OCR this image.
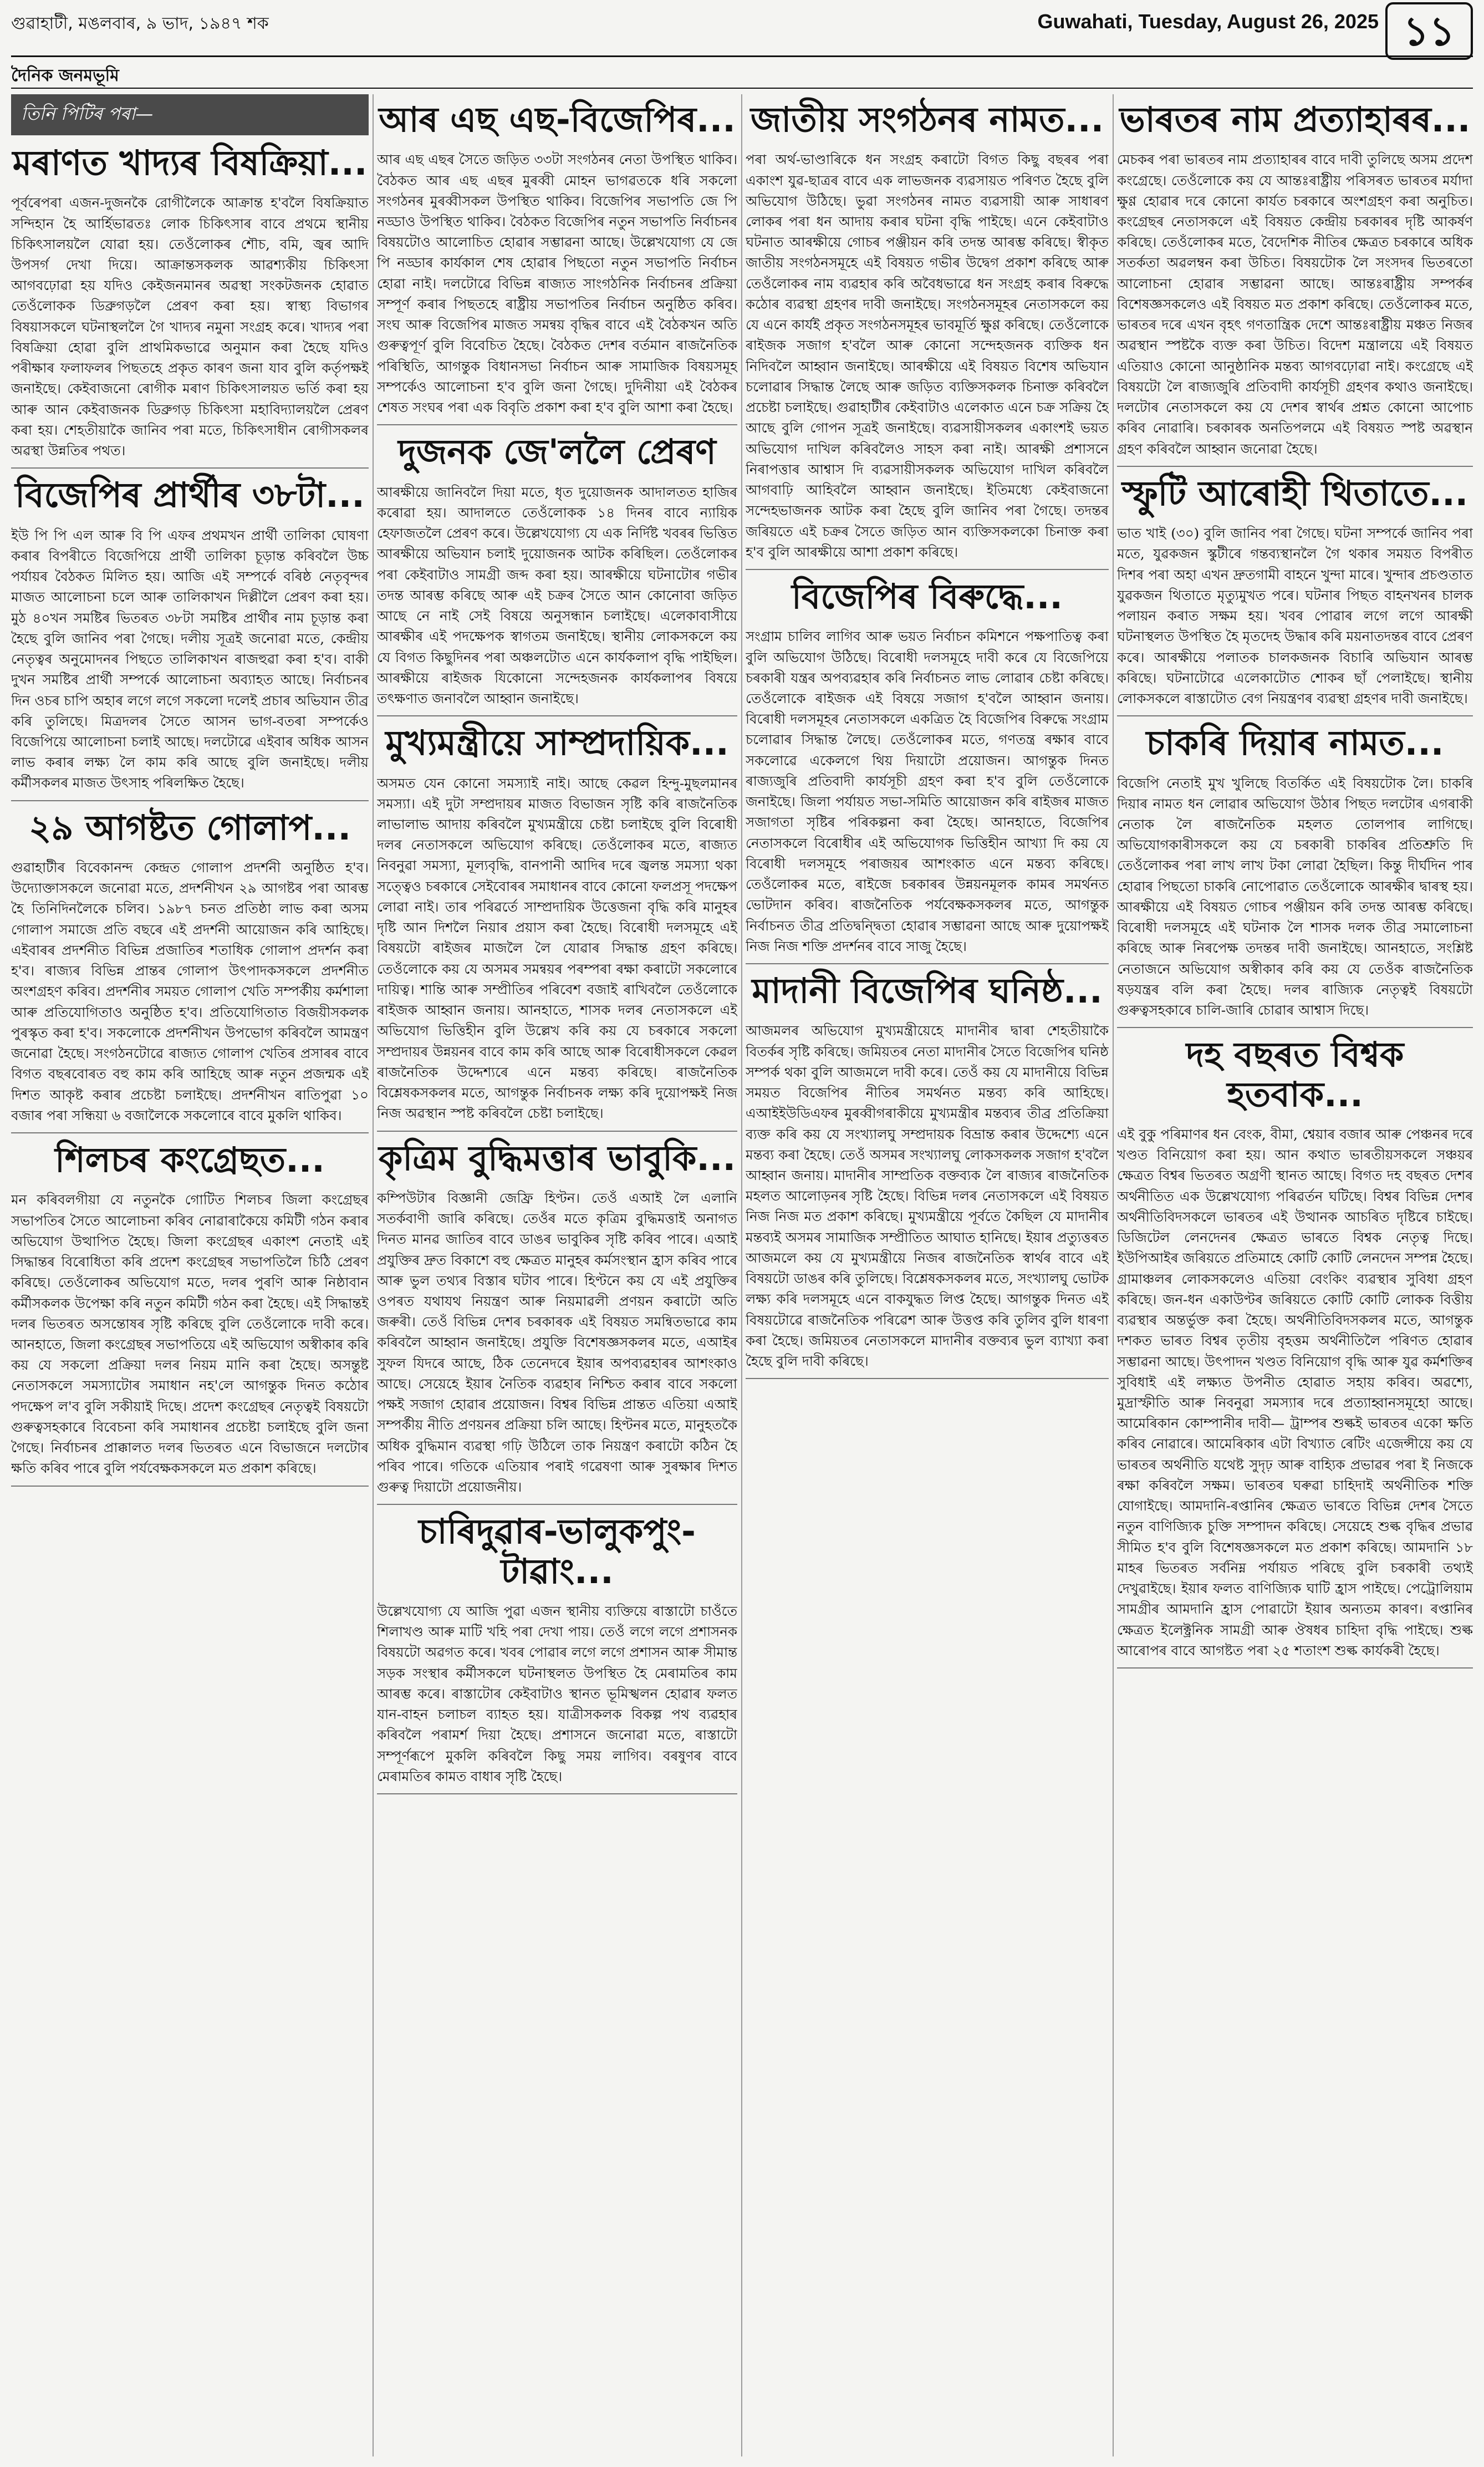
গুৱাহাটী, মঙলবাৰ, ৯ ভাদ, ১৯৪৭ শক	Guwahati, Tuesday, August 26, 2025 ১১
দৈনিক জনমভূমি
তিনি পিটিৰ পৰা—
মৰাণত খাদ্যৰ বিষক্ৰিয়া...

পূৰ্বৰেপৰা এজন-দুজনকৈ রোগীলৈকে আক্ৰান্ত হ'বলৈ বিষক্ৰিয়াত সন্দিহান হৈ আৰ্হিভাৱতঃ লোক চিকিৎসাৰ বাবে প্ৰথমে স্থানীয় চিকিৎসালয়লৈ যোৱা হয়। তেওঁলোকৰ শৌচ, বমি, জ্বৰ আদি উপসৰ্গ দেখা দিয়ে। আক্ৰান্তসকলক আৱশ্যকীয় চিকিৎসা আগবঢ়োৱা হয় যদিও কেইজনমানৰ অৱস্থা সংকটজনক হোৱাত তেওঁলোকক ডিব্ৰুগড়লৈ প্ৰেৰণ কৰা হয়। স্বাস্থ্য বিভাগৰ বিষয়াসকলে ঘটনাস্থললৈ গৈ খাদ্যৰ নমুনা সংগ্ৰহ কৰে। খাদ্যৰ পৰা বিষক্ৰিয়া হোৱা বুলি প্ৰাথমিকভাৱে অনুমান কৰা হৈছে যদিও পৰীক্ষাৰ ফলাফলৰ পিছতহে প্ৰকৃত কাৰণ জনা যাব বুলি কৰ্তৃপক্ষই জনাইছে। কেইবাজনো ৰোগীক মৰাণ চিকিৎসালয়ত ভৰ্তি কৰা হয় আৰু আন কেইবাজনক ডিব্ৰুগড় চিকিৎসা মহাবিদ্যালয়লৈ প্ৰেৰণ কৰা হয়। শেহতীয়াকৈ জানিব পৰা মতে, চিকিৎসাধীন ৰোগীসকলৰ অৱস্থা উন্নতিৰ পথত।

বিজেপিৰ প্ৰাৰ্থীৰ ৩৮টা...

ইউ পি পি এল আৰু বি পি এফৰ প্ৰথমখন প্ৰাৰ্থী তালিকা ঘোষণা কৰাৰ বিপৰীতে বিজেপিয়ে প্ৰাৰ্থী তালিকা চূড়ান্ত কৰিবলৈ উচ্চ পৰ্যায়ৰ বৈঠকত মিলিত হয়। আজি এই সম্পৰ্কে বৰিষ্ঠ নেতৃবৃন্দৰ মাজত আলোচনা চলে আৰু তালিকাখন দিল্লীলৈ প্ৰেৰণ কৰা হয়। মুঠ ৪০খন সমষ্টিৰ ভিতৰত ৩৮টা সমষ্টিৰ প্ৰাৰ্থীৰ নাম চূড়ান্ত কৰা হৈছে বুলি জানিব পৰা গৈছে। দলীয় সূত্ৰই জনোৱা মতে, কেন্দ্ৰীয় নেতৃত্বৰ অনুমোদনৰ পিছতে তালিকাখন ৰাজহুৱা কৰা হ'ব। বাকী দুখন সমষ্টিৰ প্ৰাৰ্থী সম্পৰ্কে আলোচনা অব্যাহত আছে। নিৰ্বাচনৰ দিন ওচৰ চাপি অহাৰ লগে লগে সকলো দলেই প্ৰচাৰ অভিযান তীব্ৰ কৰি তুলিছে। মিত্ৰদলৰ সৈতে আসন ভাগ-বতৰা সম্পৰ্কেও বিজেপিয়ে আলোচনা চলাই আছে। দলটোৱে এইবাৰ অধিক আসন লাভ কৰাৰ লক্ষ্য লৈ কাম কৰি আছে বুলি জনাইছে। দলীয় কৰ্মীসকলৰ মাজত উৎসাহ পৰিলক্ষিত হৈছে।

২৯ আগষ্টত গোলাপ...

গুৱাহাটীৰ বিবেকানন্দ কেন্দ্ৰত গোলাপ প্ৰদৰ্শনী অনুষ্ঠিত হ'ব। উদ্যোক্তাসকলে জনোৱা মতে, প্ৰদৰ্শনীখন ২৯ আগষ্টৰ পৰা আৰম্ভ হৈ তিনিদিনলৈকে চলিব। ১৯৮৭ চনত প্ৰতিষ্ঠা লাভ কৰা অসম গোলাপ সমাজে প্ৰতি বছৰে এই প্ৰদৰ্শনী আয়োজন কৰি আহিছে। এইবাৰৰ প্ৰদৰ্শনীত বিভিন্ন প্ৰজাতিৰ শতাধিক গোলাপ প্ৰদৰ্শন কৰা হ'ব। ৰাজ্যৰ বিভিন্ন প্ৰান্তৰ গোলাপ উৎপাদকসকলে প্ৰদৰ্শনীত অংশগ্ৰহণ কৰিব। প্ৰদৰ্শনীৰ সময়ত গোলাপ খেতি সম্পৰ্কীয় কৰ্মশালা আৰু প্ৰতিযোগিতাও অনুষ্ঠিত হ'ব। প্ৰতিযোগিতাত বিজয়ীসকলক পুৰস্কৃত কৰা হ'ব। সকলোকে প্ৰদৰ্শনীখন উপভোগ কৰিবলৈ আমন্ত্ৰণ জনোৱা হৈছে। সংগঠনটোৱে ৰাজ্যত গোলাপ খেতিৰ প্ৰসাৰৰ বাবে বিগত বছৰবোৰত বহু কাম কৰি আহিছে আৰু নতুন প্ৰজন্মক এই দিশত আকৃষ্ট কৰাৰ প্ৰচেষ্টা চলাইছে। প্ৰদৰ্শনীখন ৰাতিপুৱা ১০ বজাৰ পৰা সন্ধিয়া ৬ বজালৈকে সকলোৰে বাবে মুকলি থাকিব।

শিলচৰ কংগ্ৰেছত...

মন কৰিবলগীয়া যে নতুনকৈ গোটিত শিলচৰ জিলা কংগ্ৰেছৰ সভাপতিৰ সৈতে আলোচনা কৰিব নোৱাৰাকৈয়ে কমিটী গঠন কৰাৰ অভিযোগ উত্থাপিত হৈছে। জিলা কংগ্ৰেছৰ একাংশ নেতাই এই সিদ্ধান্তৰ বিৰোধিতা কৰি প্ৰদেশ কংগ্ৰেছৰ সভাপতিলৈ চিঠি প্ৰেৰণ কৰিছে। তেওঁলোকৰ অভিযোগ মতে, দলৰ পুৰণি আৰু নিষ্ঠাবান কৰ্মীসকলক উপেক্ষা কৰি নতুন কমিটী গঠন কৰা হৈছে। এই সিদ্ধান্তই দলৰ ভিতৰত অসন্তোষৰ সৃষ্টি কৰিছে বুলি তেওঁলোকে দাবী কৰে। আনহাতে, জিলা কংগ্ৰেছৰ সভাপতিয়ে এই অভিযোগ অস্বীকাৰ কৰি কয় যে সকলো প্ৰক্ৰিয়া দলৰ নিয়ম মানি কৰা হৈছে। অসন্তুষ্ট নেতাসকলে সমস্যাটোৰ সমাধান নহ'লে আগন্তুক দিনত কঠোৰ পদক্ষেপ ল'ব বুলি সকীয়াই দিছে। প্ৰদেশ কংগ্ৰেছৰ নেতৃত্বই বিষয়টো গুৰুত্বসহকাৰে বিবেচনা কৰি সমাধানৰ প্ৰচেষ্টা চলাইছে বুলি জনা গৈছে। নিৰ্বাচনৰ প্ৰাক্কালত দলৰ ভিতৰত এনে বিভাজনে দলটোৰ ক্ষতি কৰিব পাৰে বুলি পৰ্যবেক্ষকসকলে মত প্ৰকাশ কৰিছে।

আৰ এছ এছ-বিজেপিৰ...

আৰ এছ এছৰ সৈতে জড়িত ৩৩টা সংগঠনৰ নেতা উপস্থিত থাকিব। বৈঠকত আৰ এছ এছৰ মুৰব্বী মোহন ভাগৱতকে ধৰি সকলো সংগঠনৰ মুৰব্বীসকল উপস্থিত থাকিব। বিজেপিৰ সভাপতি জে পি নড্ডাও উপস্থিত থাকিব। বৈঠকত বিজেপিৰ নতুন সভাপতি নিৰ্বাচনৰ বিষয়টোও আলোচিত হোৱাৰ সম্ভাৱনা আছে। উল্লেখযোগ্য যে জে পি নড্ডাৰ কাৰ্যকাল শেষ হোৱাৰ পিছতো নতুন সভাপতি নিৰ্বাচন হোৱা নাই। দলটোৱে বিভিন্ন ৰাজ্যত সাংগঠনিক নিৰ্বাচনৰ প্ৰক্ৰিয়া সম্পূৰ্ণ কৰাৰ পিছতহে ৰাষ্ট্ৰীয় সভাপতিৰ নিৰ্বাচন অনুষ্ঠিত কৰিব। সংঘ আৰু বিজেপিৰ মাজত সমন্বয় বৃদ্ধিৰ বাবে এই বৈঠকখন অতি গুৰুত্বপূৰ্ণ বুলি বিবেচিত হৈছে। বৈঠকত দেশৰ বৰ্তমান ৰাজনৈতিক পৰিস্থিতি, আগন্তুক বিধানসভা নিৰ্বাচন আৰু সামাজিক বিষয়সমূহ সম্পৰ্কেও আলোচনা হ'ব বুলি জনা গৈছে। দুদিনীয়া এই বৈঠকৰ শেষত সংঘৰ পৰা এক বিবৃতি প্ৰকাশ কৰা হ'ব বুলি আশা কৰা হৈছে।

দুজনক জে'ললৈ প্ৰেৰণ

আৰক্ষীয়ে জানিবলৈ দিয়া মতে, ধৃত দুয়োজনক আদালতত হাজিৰ কৰোৱা হয়। আদালতে তেওঁলোকক ১৪ দিনৰ বাবে ন্যায়িক হেফাজতলৈ প্ৰেৰণ কৰে। উল্লেখযোগ্য যে এক নিৰ্দিষ্ট খবৰৰ ভিত্তিত আৰক্ষীয়ে অভিযান চলাই দুয়োজনক আটক কৰিছিল। তেওঁলোকৰ পৰা কেইবাটাও সামগ্ৰী জব্দ কৰা হয়। আৰক্ষীয়ে ঘটনাটোৰ গভীৰ তদন্ত আৰম্ভ কৰিছে আৰু এই চক্ৰৰ সৈতে আন কোনোবা জড়িত আছে নে নাই সেই বিষয়ে অনুসন্ধান চলাইছে। এলেকাবাসীয়ে আৰক্ষীৰ এই পদক্ষেপক স্বাগতম জনাইছে। স্থানীয় লোকসকলে কয় যে বিগত কিছুদিনৰ পৰা অঞ্চলটোত এনে কাৰ্যকলাপ বৃদ্ধি পাইছিল। আৰক্ষীয়ে ৰাইজক যিকোনো সন্দেহজনক কাৰ্যকলাপৰ বিষয়ে তৎক্ষণাত জনাবলৈ আহ্বান জনাইছে।

মুখ্যমন্ত্ৰীয়ে সাম্প্ৰদায়িক...

অসমত যেন কোনো সমস্যাই নাই। আছে কেৱল হিন্দু-মুছলমানৰ সমস্যা। এই দুটা সম্প্ৰদায়ৰ মাজত বিভাজন সৃষ্টি কৰি ৰাজনৈতিক লাভালাভ আদায় কৰিবলৈ মুখ্যমন্ত্ৰীয়ে চেষ্টা চলাইছে বুলি বিৰোধী দলৰ নেতাসকলে অভিযোগ কৰিছে। তেওঁলোকৰ মতে, ৰাজ্যত নিবনুৱা সমস্যা, মূল্যবৃদ্ধি, বানপানী আদিৰ দৰে জ্বলন্ত সমস্যা থকা সত্ত্বেও চৰকাৰে সেইবোৰৰ সমাধানৰ বাবে কোনো ফলপ্ৰসূ পদক্ষেপ লোৱা নাই। তাৰ পৰিৱৰ্তে সাম্প্ৰদায়িক উত্তেজনা বৃদ্ধি কৰি মানুহৰ দৃষ্টি আন দিশলৈ নিয়াৰ প্ৰয়াস কৰা হৈছে। বিৰোধী দলসমূহে এই বিষয়টো ৰাইজৰ মাজলৈ লৈ যোৱাৰ সিদ্ধান্ত গ্ৰহণ কৰিছে। তেওঁলোকে কয় যে অসমৰ সমন্বয়ৰ পৰম্পৰা ৰক্ষা কৰাটো সকলোৰে দায়িত্ব। শান্তি আৰু সম্প্ৰীতিৰ পৰিবেশ বজাই ৰাখিবলৈ তেওঁলোকে ৰাইজক আহ্বান জনায়। আনহাতে, শাসক দলৰ নেতাসকলে এই অভিযোগ ভিত্তিহীন বুলি উল্লেখ কৰি কয় যে চৰকাৰে সকলো সম্প্ৰদায়ৰ উন্নয়নৰ বাবে কাম কৰি আছে আৰু বিৰোধীসকলে কেৱল ৰাজনৈতিক উদ্দেশ্যৰে এনে মন্তব্য কৰিছে। ৰাজনৈতিক বিশ্লেষকসকলৰ মতে, আগন্তুক নিৰ্বাচনক লক্ষ্য কৰি দুয়োপক্ষই নিজ নিজ অৱস্থান স্পষ্ট কৰিবলৈ চেষ্টা চলাইছে।

কৃত্ৰিম বুদ্ধিমত্তাৰ ভাবুকি...

কম্পিউটাৰ বিজ্ঞানী জেফ্ৰি হিণ্টন। তেওঁ এআই লৈ এলানি সতৰ্কবাণী জাৰি কৰিছে। তেওঁৰ মতে কৃত্ৰিম বুদ্ধিমত্তাই অনাগত দিনত মানৱ জাতিৰ বাবে ডাঙৰ ভাবুকিৰ সৃষ্টি কৰিব পাৰে। এআই প্ৰযুক্তিৰ দ্ৰুত বিকাশে বহু ক্ষেত্ৰত মানুহৰ কৰ্মসংস্থান হ্ৰাস কৰিব পাৰে আৰু ভুল তথ্যৰ বিস্তাৰ ঘটাব পাৰে। হিণ্টনে কয় যে এই প্ৰযুক্তিৰ ওপৰত যথাযথ নিয়ন্ত্ৰণ আৰু নিয়মাৱলী প্ৰণয়ন কৰাটো অতি জৰুৰী। তেওঁ বিভিন্ন দেশৰ চৰকাৰক এই বিষয়ত সমন্বিতভাৱে কাম কৰিবলৈ আহ্বান জনাইছে। প্ৰযুক্তি বিশেষজ্ঞসকলৰ মতে, এআইৰ সুফল যিদৰে আছে, ঠিক তেনেদৰে ইয়াৰ অপব্যৱহাৰৰ আশংকাও আছে। সেয়েহে ইয়াৰ নৈতিক ব্যৱহাৰ নিশ্চিত কৰাৰ বাবে সকলো পক্ষই সজাগ হোৱাৰ প্ৰয়োজন। বিশ্বৰ বিভিন্ন প্ৰান্তত এতিয়া এআই সম্পৰ্কীয় নীতি প্ৰণয়নৰ প্ৰক্ৰিয়া চলি আছে। হিণ্টনৰ মতে, মানুহতকৈ অধিক বুদ্ধিমান ব্যৱস্থা গঢ়ি উঠিলে তাক নিয়ন্ত্ৰণ কৰাটো কঠিন হৈ পৰিব পাৰে। গতিকে এতিয়াৰ পৰাই গৱেষণা আৰু সুৰক্ষাৰ দিশত গুৰুত্ব দিয়াটো প্ৰয়োজনীয়।

চাৰিদুৱাৰ-ভালুকপুং-টাৱাং...

উল্লেখযোগ্য যে আজি পুৱা এজন স্থানীয় ব্যক্তিয়ে ৰাস্তাটো চাওঁতে শিলাখণ্ড আৰু মাটি খহি পৰা দেখা পায়। তেওঁ লগে লগে প্ৰশাসনক বিষয়টো অৱগত কৰে। খবৰ পোৱাৰ লগে লগে প্ৰশাসন আৰু সীমান্ত সড়ক সংস্থাৰ কৰ্মীসকলে ঘটনাস্থলত উপস্থিত হৈ মেৰামতিৰ কাম আৰম্ভ কৰে। ৰাস্তাটোৰ কেইবাটাও স্থানত ভূমিস্খলন হোৱাৰ ফলত যান-বাহন চলাচল ব্যাহত হয়। যাত্ৰীসকলক বিকল্প পথ ব্যৱহাৰ কৰিবলৈ পৰামৰ্শ দিয়া হৈছে। প্ৰশাসনে জনোৱা মতে, ৰাস্তাটো সম্পূৰ্ণৰূপে মুকলি কৰিবলৈ কিছু সময় লাগিব। বৰষুণৰ বাবে মেৰামতিৰ কামত বাধাৰ সৃষ্টি হৈছে।

জাতীয় সংগঠনৰ নামত...

পৰা অৰ্থ-ভাণ্ডাৰিকে ধন সংগ্ৰহ কৰাটো বিগত কিছু বছৰৰ পৰা একাংশ যুৱ-ছাত্ৰৰ বাবে এক লাভজনক ব্যৱসায়ত পৰিণত হৈছে বুলি অভিযোগ উঠিছে। ভুৱা সংগঠনৰ নামত ব্যৱসায়ী আৰু সাধাৰণ লোকৰ পৰা ধন আদায় কৰাৰ ঘটনা বৃদ্ধি পাইছে। এনে কেইবাটাও ঘটনাত আৰক্ষীয়ে গোচৰ পঞ্জীয়ন কৰি তদন্ত আৰম্ভ কৰিছে। স্বীকৃত জাতীয় সংগঠনসমূহে এই বিষয়ত গভীৰ উদ্বেগ প্ৰকাশ কৰিছে আৰু তেওঁলোকৰ নাম ব্যৱহাৰ কৰি অবৈধভাৱে ধন সংগ্ৰহ কৰাৰ বিৰুদ্ধে কঠোৰ ব্যৱস্থা গ্ৰহণৰ দাবী জনাইছে। সংগঠনসমূহৰ নেতাসকলে কয় যে এনে কাৰ্যই প্ৰকৃত সংগঠনসমূহৰ ভাবমূৰ্তি ক্ষুণ্ণ কৰিছে। তেওঁলোকে ৰাইজক সজাগ হ'বলৈ আৰু কোনো সন্দেহজনক ব্যক্তিক ধন নিদিবলৈ আহ্বান জনাইছে। আৰক্ষীয়ে এই বিষয়ত বিশেষ অভিযান চলোৱাৰ সিদ্ধান্ত লৈছে আৰু জড়িত ব্যক্তিসকলক চিনাক্ত কৰিবলৈ প্ৰচেষ্টা চলাইছে। গুৱাহাটীৰ কেইবাটাও এলেকাত এনে চক্ৰ সক্ৰিয় হৈ আছে বুলি গোপন সূত্ৰই জনাইছে। ব্যৱসায়ীসকলৰ একাংশই ভয়ত অভিযোগ দাখিল কৰিবলৈও সাহস কৰা নাই। আৰক্ষী প্ৰশাসনে নিৰাপত্তাৰ আশ্বাস দি ব্যৱসায়ীসকলক অভিযোগ দাখিল কৰিবলৈ আগবাঢ়ি আহিবলৈ আহ্বান জনাইছে। ইতিমধ্যে কেইবাজনো সন্দেহভাজনক আটক কৰা হৈছে বুলি জানিব পৰা গৈছে। তদন্তৰ জৰিয়তে এই চক্ৰৰ সৈতে জড়িত আন ব্যক্তিসকলকো চিনাক্ত কৰা হ'ব বুলি আৰক্ষীয়ে আশা প্ৰকাশ কৰিছে।

বিজেপিৰ বিৰুদ্ধে...

সংগ্ৰাম চালিব লাগিব আৰু ভয়ত নিৰ্বাচন কমিশনে পক্ষপাতিত্ব কৰা বুলি অভিযোগ উঠিছে। বিৰোধী দলসমূহে দাবী কৰে যে বিজেপিয়ে চৰকাৰী যন্ত্ৰৰ অপব্যৱহাৰ কৰি নিৰ্বাচনত লাভ লোৱাৰ চেষ্টা কৰিছে। তেওঁলোকে ৰাইজক এই বিষয়ে সজাগ হ'বলৈ আহ্বান জনায়। বিৰোধী দলসমূহৰ নেতাসকলে একত্ৰিত হৈ বিজেপিৰ বিৰুদ্ধে সংগ্ৰাম চলোৱাৰ সিদ্ধান্ত লৈছে। তেওঁলোকৰ মতে, গণতন্ত্ৰ ৰক্ষাৰ বাবে সকলোৱে একেলগে থিয় দিয়াটো প্ৰয়োজন। আগন্তুক দিনত ৰাজ্যজুৰি প্ৰতিবাদী কাৰ্যসূচী গ্ৰহণ কৰা হ'ব বুলি তেওঁলোকে জনাইছে। জিলা পৰ্যায়ত সভা-সমিতি আয়োজন কৰি ৰাইজৰ মাজত সজাগতা সৃষ্টিৰ পৰিকল্পনা কৰা হৈছে। আনহাতে, বিজেপিৰ নেতাসকলে বিৰোধীৰ এই অভিযোগক ভিত্তিহীন আখ্যা দি কয় যে বিৰোধী দলসমূহে পৰাজয়ৰ আশংকাত এনে মন্তব্য কৰিছে। তেওঁলোকৰ মতে, ৰাইজে চৰকাৰৰ উন্নয়নমূলক কামৰ সমৰ্থনত ভোটদান কৰিব। ৰাজনৈতিক পৰ্যবেক্ষকসকলৰ মতে, আগন্তুক নিৰ্বাচনত তীব্ৰ প্ৰতিদ্বন্দ্বিতা হোৱাৰ সম্ভাৱনা আছে আৰু দুয়োপক্ষই নিজ নিজ শক্তি প্ৰদৰ্শনৰ বাবে সাজু হৈছে।

মাদানী বিজেপিৰ ঘনিষ্ঠ...

আজমলৰ অভিযোগ মুখ্যমন্ত্ৰীয়েহে মাদানীৰ দ্বাৰা শেহতীয়াকৈ বিতৰ্কৰ সৃষ্টি কৰিছে। জমিয়তৰ নেতা মাদানীৰ সৈতে বিজেপিৰ ঘনিষ্ঠ সম্পৰ্ক থকা বুলি আজমলে দাবী কৰে। তেওঁ কয় যে মাদানীয়ে বিভিন্ন সময়ত বিজেপিৰ নীতিৰ সমৰ্থনত মন্তব্য কৰি আহিছে। এআইইউডিএফৰ মুৰব্বীগৰাকীয়ে মুখ্যমন্ত্ৰীৰ মন্তব্যৰ তীব্ৰ প্ৰতিক্ৰিয়া ব্যক্ত কৰি কয় যে সংখ্যালঘু সম্প্ৰদায়ক বিভ্ৰান্ত কৰাৰ উদ্দেশ্যে এনে মন্তব্য কৰা হৈছে। তেওঁ অসমৰ সংখ্যালঘু লোকসকলক সজাগ হ'বলৈ আহ্বান জনায়। মাদানীৰ সাম্প্ৰতিক বক্তব্যক লৈ ৰাজ্যৰ ৰাজনৈতিক মহলত আলোড়নৰ সৃষ্টি হৈছে। বিভিন্ন দলৰ নেতাসকলে এই বিষয়ত নিজ নিজ মত প্ৰকাশ কৰিছে। মুখ্যমন্ত্ৰীয়ে পূৰ্বতে কৈছিল যে মাদানীৰ মন্তব্যই অসমৰ সামাজিক সম্প্ৰীতিত আঘাত হানিছে। ইয়াৰ প্ৰত্যুত্তৰত আজমলে কয় যে মুখ্যমন্ত্ৰীয়ে নিজৰ ৰাজনৈতিক স্বাৰ্থৰ বাবে এই বিষয়টো ডাঙৰ কৰি তুলিছে। বিশ্লেষকসকলৰ মতে, সংখ্যালঘু ভোটক লক্ষ্য কৰি দলসমূহে এনে বাকযুদ্ধত লিপ্ত হৈছে। আগন্তুক দিনত এই বিষয়টোৱে ৰাজনৈতিক পৰিৱেশ আৰু উত্তপ্ত কৰি তুলিব বুলি ধাৰণা কৰা হৈছে। জমিয়তৰ নেতাসকলে মাদানীৰ বক্তব্যৰ ভুল ব্যাখ্যা কৰা হৈছে বুলি দাবী কৰিছে।

ভাৰতৰ নাম প্ৰত্যাহাৰৰ...

মেচকৰ পৰা ভাৰতৰ নাম প্ৰত্যাহাৰৰ বাবে দাবী তুলিছে অসম প্ৰদেশ কংগ্ৰেছে। তেওঁলোকে কয় যে আন্তঃৰাষ্ট্ৰীয় পৰিসৰত ভাৰতৰ মৰ্যাদা ক্ষুণ্ণ হোৱাৰ দৰে কোনো কাৰ্যত চৰকাৰে অংশগ্ৰহণ কৰা অনুচিত। কংগ্ৰেছৰ নেতাসকলে এই বিষয়ত কেন্দ্ৰীয় চৰকাৰৰ দৃষ্টি আকৰ্ষণ কৰিছে। তেওঁলোকৰ মতে, বৈদেশিক নীতিৰ ক্ষেত্ৰত চৰকাৰে অধিক সতৰ্কতা অৱলম্বন কৰা উচিত। বিষয়টোক লৈ সংসদৰ ভিতৰতো আলোচনা হোৱাৰ সম্ভাৱনা আছে। আন্তঃৰাষ্ট্ৰীয় সম্পৰ্কৰ বিশেষজ্ঞসকলেও এই বিষয়ত মত প্ৰকাশ কৰিছে। তেওঁলোকৰ মতে, ভাৰতৰ দৰে এখন বৃহৎ গণতান্ত্ৰিক দেশে আন্তঃৰাষ্ট্ৰীয় মঞ্চত নিজৰ অৱস্থান স্পষ্টকৈ ব্যক্ত কৰা উচিত। বিদেশ মন্ত্ৰালয়ে এই বিষয়ত এতিয়াও কোনো আনুষ্ঠানিক মন্তব্য আগবঢ়োৱা নাই। কংগ্ৰেছে এই বিষয়টো লৈ ৰাজ্যজুৰি প্ৰতিবাদী কাৰ্যসূচী গ্ৰহণৰ কথাও জনাইছে। দলটোৰ নেতাসকলে কয় যে দেশৰ স্বাৰ্থৰ প্ৰশ্নত কোনো আপোচ কৰিব নোৱাৰি। চৰকাৰক অনতিপলমে এই বিষয়ত স্পষ্ট অৱস্থান গ্ৰহণ কৰিবলৈ আহ্বান জনোৱা হৈছে।

স্ফুটি আৰোহী থিতাতে...

ভাত খাই (৩০) বুলি জানিব পৰা গৈছে। ঘটনা সম্পৰ্কে জানিব পৰা মতে, যুৱকজন স্কুটীৰে গন্তব্যস্থানলৈ গৈ থকাৰ সময়ত বিপৰীত দিশৰ পৰা অহা এখন দ্ৰুতগামী বাহনে খুন্দা মাৰে। খুন্দাৰ প্ৰচণ্ডতাত যুৱকজন থিতাতে মৃত্যুমুখত পৰে। ঘটনাৰ পিছত বাহনখনৰ চালক পলায়ন কৰাত সক্ষম হয়। খবৰ পোৱাৰ লগে লগে আৰক্ষী ঘটনাস্থলত উপস্থিত হৈ মৃতদেহ উদ্ধাৰ কৰি ময়নাতদন্তৰ বাবে প্ৰেৰণ কৰে। আৰক্ষীয়ে পলাতক চালকজনক বিচাৰি অভিযান আৰম্ভ কৰিছে। ঘটনাটোৱে এলেকাটোত শোকৰ ছাঁ পেলাইছে। স্থানীয় লোকসকলে ৰাস্তাটোত বেগ নিয়ন্ত্ৰণৰ ব্যৱস্থা গ্ৰহণৰ দাবী জনাইছে।

চাকৰি দিয়াৰ নামত...

বিজেপি নেতাই মুখ খুলিছে বিতৰ্কিত এই বিষয়টোক লৈ। চাকৰি দিয়াৰ নামত ধন লোৱাৰ অভিযোগ উঠাৰ পিছত দলটোৰ এগৰাকী নেতাক লৈ ৰাজনৈতিক মহলত তোলপাৰ লাগিছে। অভিযোগকাৰীসকলে কয় যে চৰকাৰী চাকৰিৰ প্ৰতিশ্ৰুতি দি তেওঁলোকৰ পৰা লাখ লাখ টকা লোৱা হৈছিল। কিন্তু দীৰ্ঘদিন পাৰ হোৱাৰ পিছতো চাকৰি নোপোৱাত তেওঁলোকে আৰক্ষীৰ দ্বাৰস্থ হয়। আৰক্ষীয়ে এই বিষয়ত গোচৰ পঞ্জীয়ন কৰি তদন্ত আৰম্ভ কৰিছে। বিৰোধী দলসমূহে এই ঘটনাক লৈ শাসক দলক তীব্ৰ সমালোচনা কৰিছে আৰু নিৰপেক্ষ তদন্তৰ দাবী জনাইছে। আনহাতে, সংশ্লিষ্ট নেতাজনে অভিযোগ অস্বীকাৰ কৰি কয় যে তেওঁক ৰাজনৈতিক ষড়যন্ত্ৰৰ বলি কৰা হৈছে। দলৰ ৰাজ্যিক নেতৃত্বই বিষয়টো গুৰুত্বসহকাৰে চালি-জাৰি চোৱাৰ আশ্বাস দিছে।

দহ বছৰত বিশ্বক হতবাক...

এই বুকু পৰিমাণৰ ধন বেংক, বীমা, শ্বেয়াৰ বজাৰ আৰু পেঞ্চনৰ দৰে খণ্ডত বিনিয়োগ কৰা হয়। আন কথাত ভাৰতীয়সকলে সঞ্চয়ৰ ক্ষেত্ৰত বিশ্বৰ ভিতৰত অগ্ৰণী স্থানত আছে। বিগত দহ বছৰত দেশৰ অৰ্থনীতিত এক উল্লেখযোগ্য পৰিৱৰ্তন ঘটিছে। বিশ্বৰ বিভিন্ন দেশৰ অৰ্থনীতিবিদসকলে ভাৰতৰ এই উত্থানক আচৰিত দৃষ্টিৰে চাইছে। ডিজিটেল লেনদেনৰ ক্ষেত্ৰত ভাৰতে বিশ্বক নেতৃত্ব দিছে। ইউপিআইৰ জৰিয়তে প্ৰতিমাহে কোটি কোটি লেনদেন সম্পন্ন হৈছে। গ্ৰামাঞ্চলৰ লোকসকলেও এতিয়া বেংকিং ব্যৱস্থাৰ সুবিধা গ্ৰহণ কৰিছে। জন-ধন একাউণ্টৰ জৰিয়তে কোটি কোটি লোকক বিত্তীয় ব্যৱস্থাৰ অন্তৰ্ভুক্ত কৰা হৈছে। অৰ্থনীতিবিদসকলৰ মতে, আগন্তুক দশকত ভাৰত বিশ্বৰ তৃতীয় বৃহত্তম অৰ্থনীতিলৈ পৰিণত হোৱাৰ সম্ভাৱনা আছে। উৎপাদন খণ্ডত বিনিয়োগ বৃদ্ধি আৰু যুৱ কৰ্মশক্তিৰ সুবিধাই এই লক্ষ্যত উপনীত হোৱাত সহায় কৰিব। অৱশ্যে, মুদ্ৰাস্ফীতি আৰু নিবনুৱা সমস্যাৰ দৰে প্ৰত্যাহ্বানসমূহো আছে। আমেৰিকান কোম্পানীৰ দাবী— ট্ৰাম্পৰ শুল্কই ভাৰতৰ একো ক্ষতি কৰিব নোৱাৰে। আমেৰিকাৰ এটা বিখ্যাত ৰেটিং এজেন্সীয়ে কয় যে ভাৰতৰ অৰ্থনীতি যথেষ্ট সুদৃঢ় আৰু বাহ্যিক প্ৰভাৱৰ পৰা ই নিজকে ৰক্ষা কৰিবলৈ সক্ষম। ভাৰতৰ ঘৰুৱা চাহিদাই অৰ্থনীতিক শক্তি যোগাইছে। আমদানি-ৰপ্তানিৰ ক্ষেত্ৰত ভাৰতে বিভিন্ন দেশৰ সৈতে নতুন বাণিজ্যিক চুক্তি সম্পাদন কৰিছে। সেয়েহে শুল্ক বৃদ্ধিৰ প্ৰভাৱ সীমিত হ'ব বুলি বিশেষজ্ঞসকলে মত প্ৰকাশ কৰিছে। আমদানি ১৮ মাহৰ ভিতৰত সৰ্বনিম্ন পৰ্যায়ত পৰিছে বুলি চৰকাৰী তথ্যই দেখুৱাইছে। ইয়াৰ ফলত বাণিজ্যিক ঘাটি হ্ৰাস পাইছে। পেট্ৰোলিয়াম সামগ্ৰীৰ আমদানি হ্ৰাস পোৱাটো ইয়াৰ অন্যতম কাৰণ। ৰপ্তানিৰ ক্ষেত্ৰত ইলেক্ট্ৰনিক সামগ্ৰী আৰু ঔষধৰ চাহিদা বৃদ্ধি পাইছে। শুল্ক আৰোপৰ বাবে আগষ্টত পৰা ২৫ শতাংশ শুল্ক কাৰ্যকৰী হৈছে।
